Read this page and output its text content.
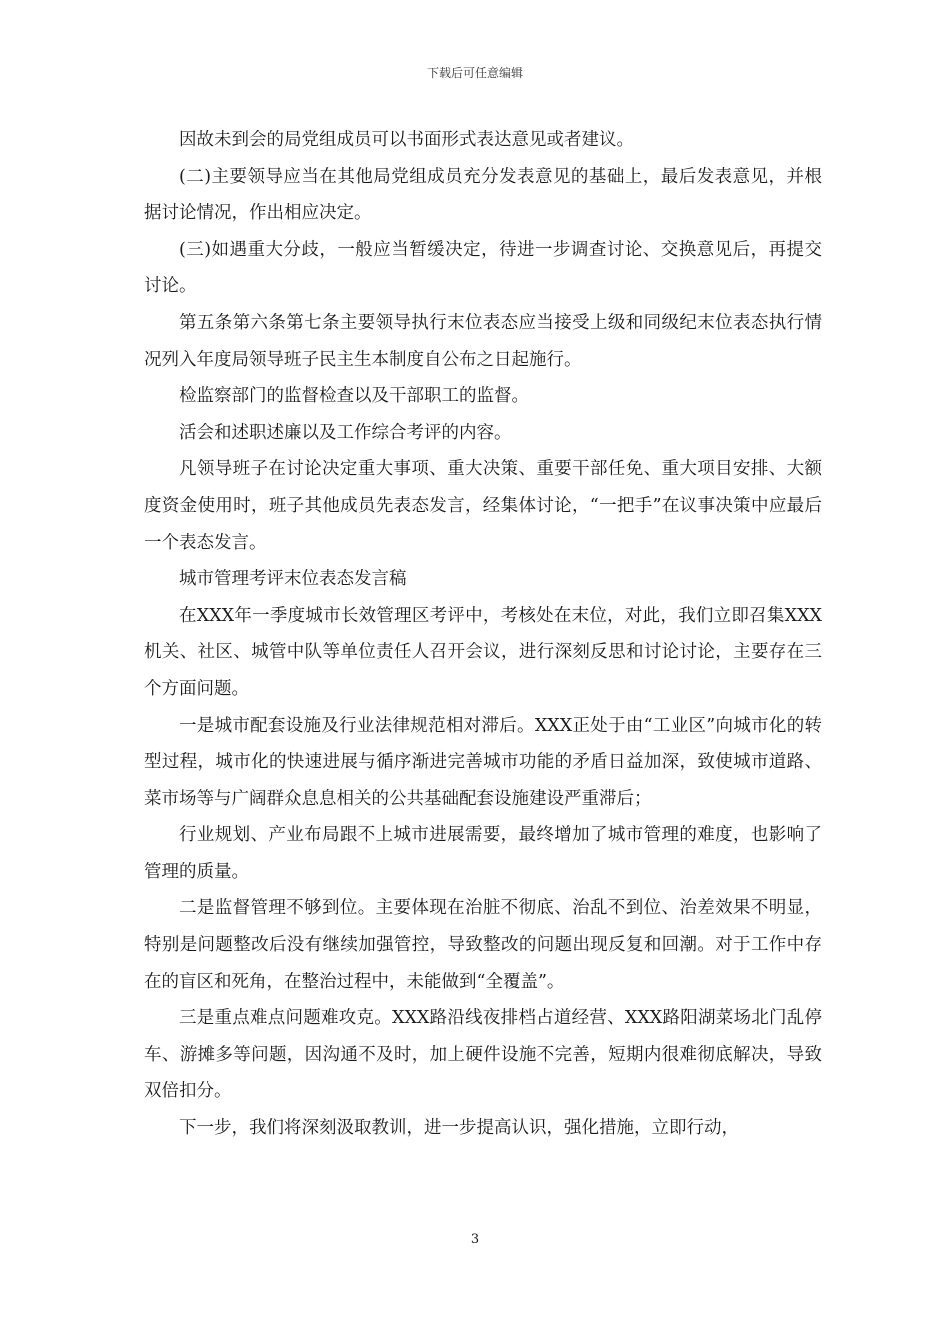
下载后可任意编辑

因故未到会的局党组成员可以书面形式表达意见或者建议。

(二)主要领导应当在其他局党组成员充分发表意见的基础上，最后发表意见，并根据讨论情况，作出相应决定。

(三)如遇重大分歧，一般应当暂缓决定，待进一步调查讨论、交换意见后，再提交讨论。

第五条第六条第七条主要领导执行末位表态应当接受上级和同级纪末位表态执行情况列入年度局领导班子民主生本制度自公布之日起施行。

检监察部门的监督检查以及干部职工的监督。

活会和述职述廉以及工作综合考评的内容。

凡领导班子在讨论决定重大事项、重大决策、重要干部任免、重大项目安排、大额度资金使用时，班子其他成员先表态发言，经集体讨论，“一把手”在议事决策中应最后一个表态发言。

城市管理考评末位表态发言稿

在XXX年一季度城市长效管理区考评中，考核处在末位，对此，我们立即召集XXX机关、社区、城管中队等单位责任人召开会议，进行深刻反思和讨论讨论，主要存在三个方面问题。

一是城市配套设施及行业法律规范相对滞后。XXX正处于由“工业区”向城市化的转型过程，城市化的快速进展与循序渐进完善城市功能的矛盾日益加深，致使城市道路、菜市场等与广阔群众息息相关的公共基础配套设施建设严重滞后；

行业规划、产业布局跟不上城市进展需要，最终增加了城市管理的难度，也影响了管理的质量。

二是监督管理不够到位。主要体现在治脏不彻底、治乱不到位、治差效果不明显，特别是问题整改后没有继续加强管控，导致整改的问题出现反复和回潮。对于工作中存在的盲区和死角，在整治过程中，未能做到“全覆盖”。

三是重点难点问题难攻克。XXX路沿线夜排档占道经营、XXX路阳湖菜场北门乱停车、游摊多等问题，因沟通不及时，加上硬件设施不完善，短期内很难彻底解决，导致双倍扣分。

下一步，我们将深刻汲取教训，进一步提高认识，强化措施，立即行动，

3
